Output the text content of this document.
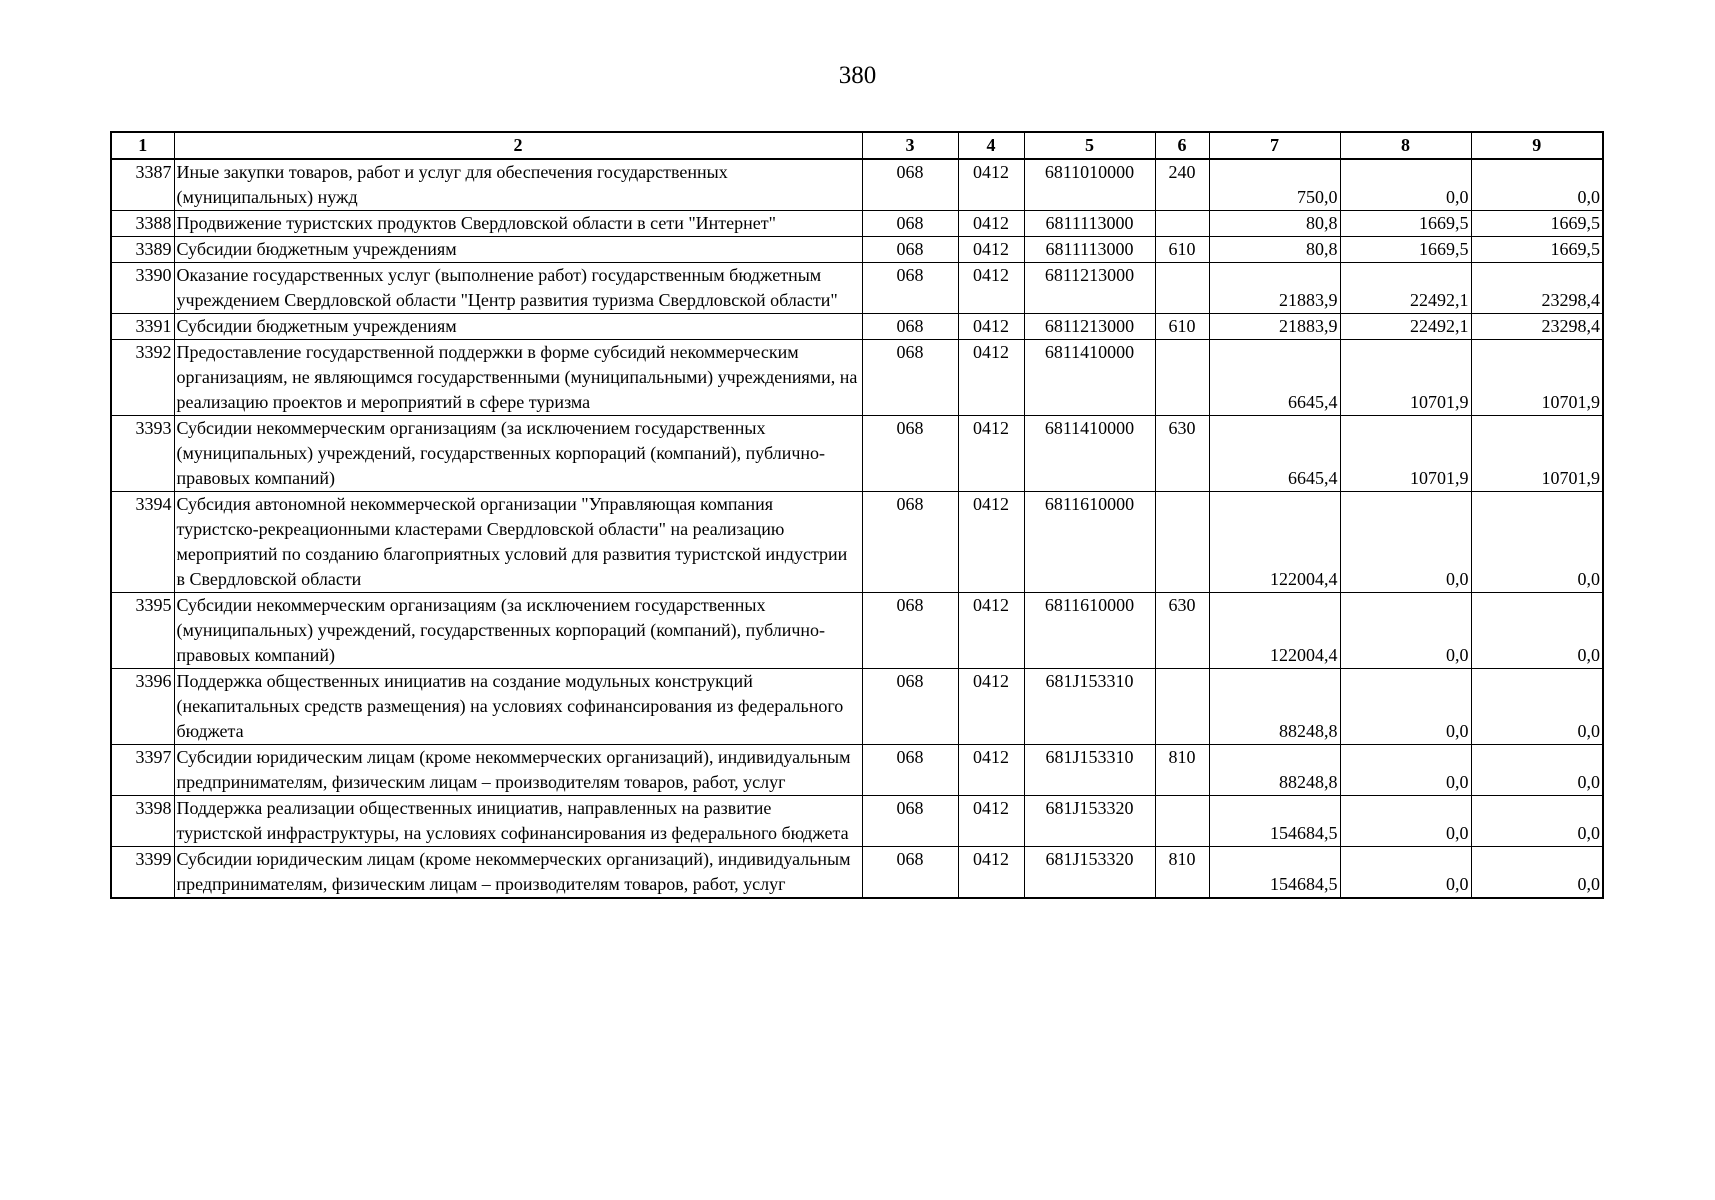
380
1	2	3	4	5	6	7	8	9
3387	Иные закупки товаров, работ и услуг для обеспечения государственных (муниципальных) нужд	068	0412	6811010000	240	750,0	0,0	0,0
3388	Продвижение туристских продуктов Свердловской области в сети "Интернет"	068	0412	6811113000		80,8	1669,5	1669,5
3389	Субсидии бюджетным учреждениям	068	0412	6811113000	610	80,8	1669,5	1669,5
3390	Оказание государственных услуг (выполнение работ) государственным бюджетным учреждением Свердловской области "Центр развития туризма Свердловской области"	068	0412	6811213000		21883,9	22492,1	23298,4
3391	Субсидии бюджетным учреждениям	068	0412	6811213000	610	21883,9	22492,1	23298,4
3392	Предоставление государственной поддержки в форме субсидий некоммерческим организациям, не являющимся государственными (муниципальными) учреждениями, на реализацию проектов и мероприятий в сфере туризма	068	0412	6811410000		6645,4	10701,9	10701,9
3393	Субсидии некоммерческим организациям (за исключением государственных (муниципальных) учреждений, государственных корпораций (компаний), публично-правовых компаний)	068	0412	6811410000	630	6645,4	10701,9	10701,9
3394	Субсидия автономной некоммерческой организации "Управляющая компания туристско-рекреационными кластерами Свердловской области" на реализацию мероприятий по созданию благоприятных условий для развития туристской индустрии в Свердловской области	068	0412	6811610000		122004,4	0,0	0,0
3395	Субсидии некоммерческим организациям (за исключением государственных (муниципальных) учреждений, государственных корпораций (компаний), публично-правовых компаний)	068	0412	6811610000	630	122004,4	0,0	0,0
3396	Поддержка общественных инициатив на создание модульных конструкций (некапитальных средств размещения) на условиях софинансирования из федерального бюджета	068	0412	681J153310		88248,8	0,0	0,0
3397	Субсидии юридическим лицам (кроме некоммерческих организаций), индивидуальным предпринимателям, физическим лицам – производителям товаров, работ, услуг	068	0412	681J153310	810	88248,8	0,0	0,0
3398	Поддержка реализации общественных инициатив, направленных на развитие туристской инфраструктуры, на условиях софинансирования из федерального бюджета	068	0412	681J153320		154684,5	0,0	0,0
3399	Субсидии юридическим лицам (кроме некоммерческих организаций), индивидуальным предпринимателям, физическим лицам – производителям товаров, работ, услуг	068	0412	681J153320	810	154684,5	0,0	0,0
